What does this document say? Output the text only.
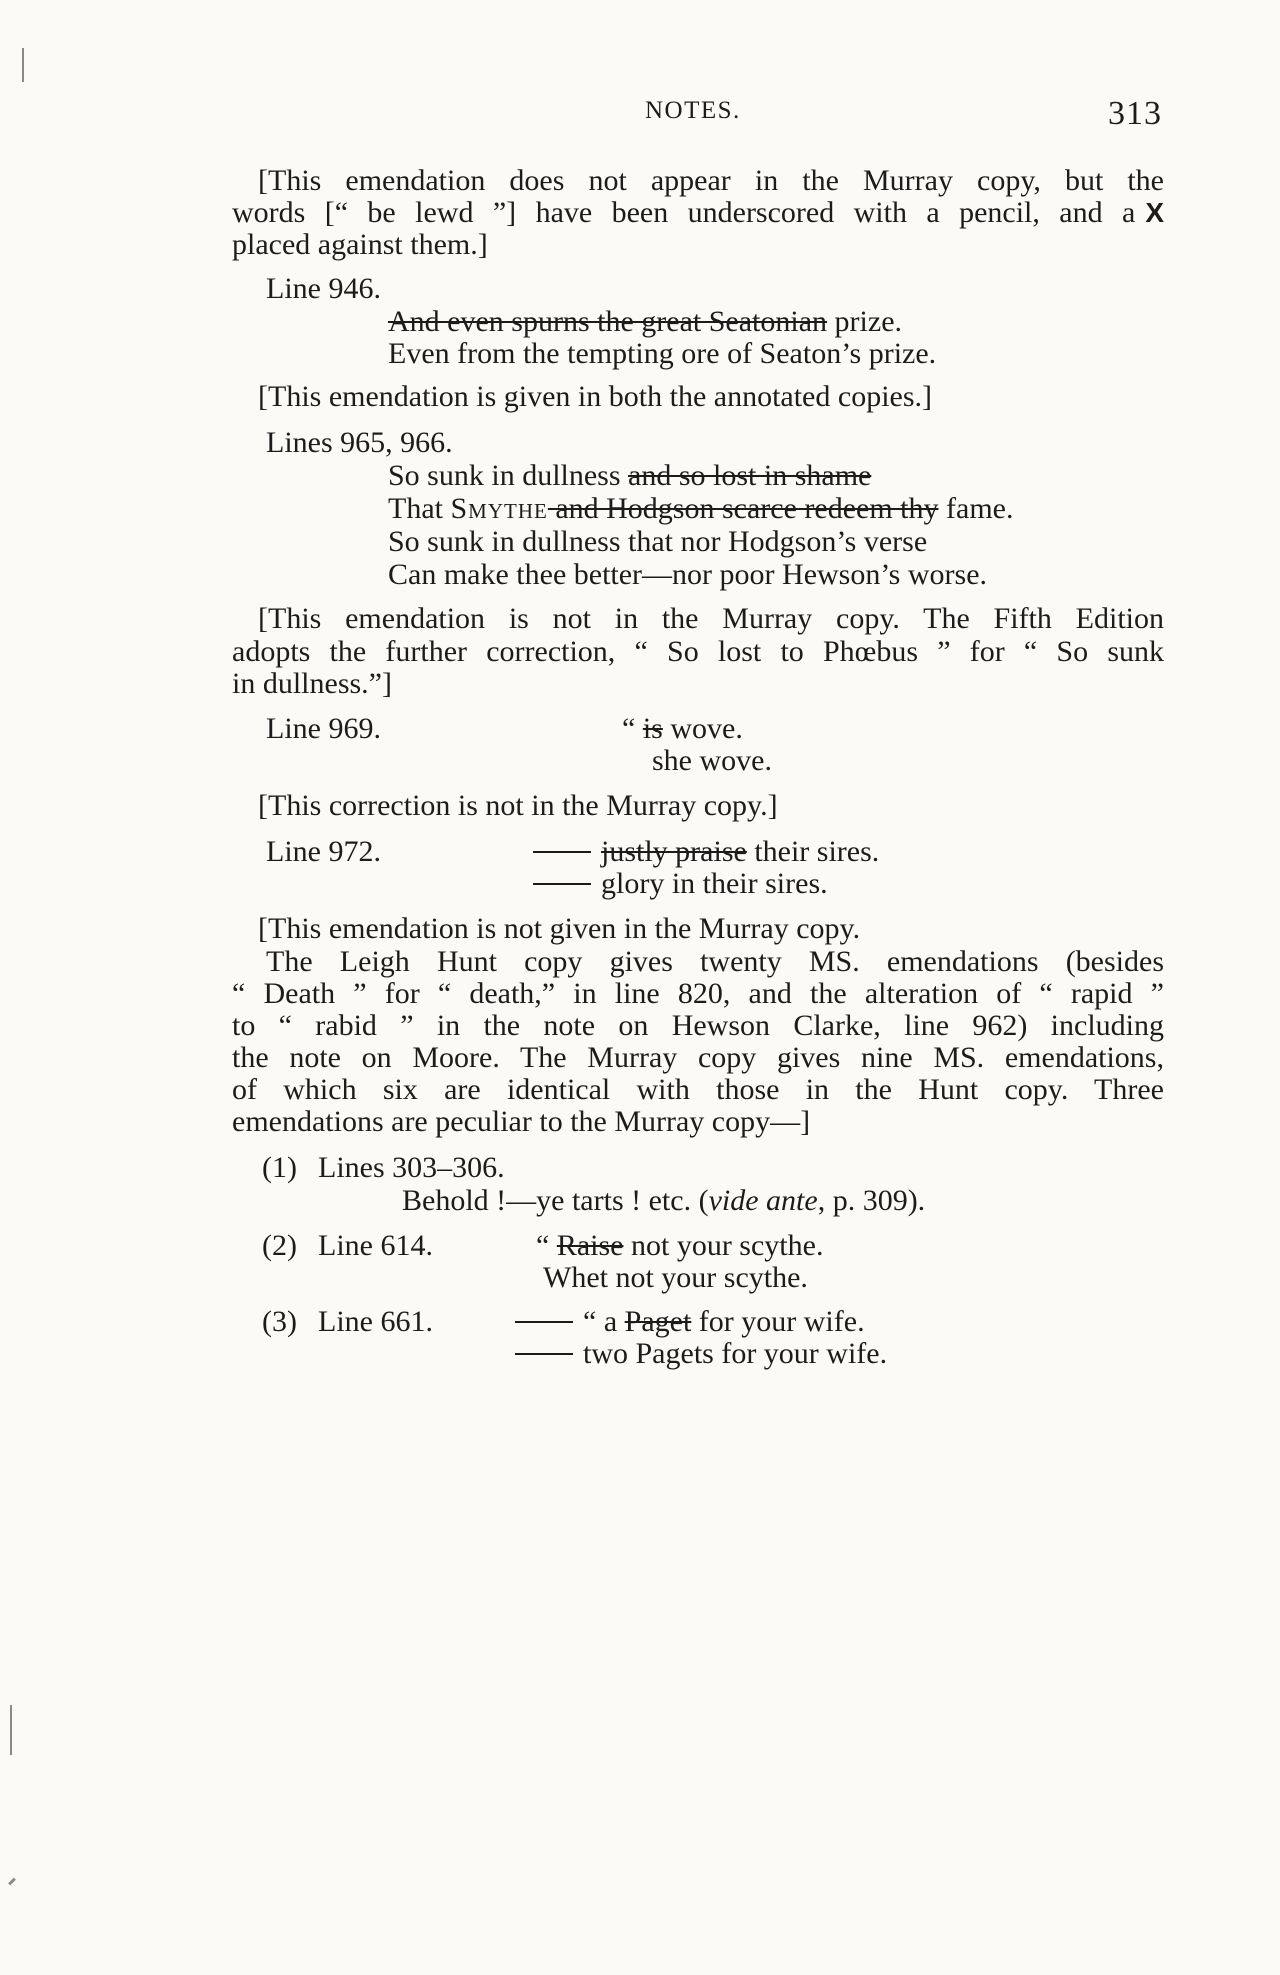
NOTES.	313
[This emendation does not appear in the Murray copy, but the
words [“ be lewd ”] have been underscored with a pencil, and a X
placed against them.]
Line 946.
And even spurns the great Seatonian prize.
Even from the tempting ore of Seaton’s prize.
[This emendation is given in both the annotated copies.]
Lines 965, 966.
So sunk in dullness and so lost in shame
That Smythe and Hodgson scarce redeem thy fame.
So sunk in dullness that nor Hodgson’s verse
Can make thee better—nor poor Hewson’s worse.
[This emendation is not in the Murray copy. The Fifth Edition
adopts the further correction, “ So lost to Phœbus ” for “ So sunk
in dullness.”]
Line 969.	“ is wove.
she wove.
[This correction is not in the Murray copy.]
Line 972.	justly praise their sires.
glory in their sires.
[This emendation is not given in the Murray copy.
The Leigh Hunt copy gives twenty MS. emendations (besides
“ Death ” for “ death,” in line 820, and the alteration of “ rapid ”
to “ rabid ” in the note on Hewson Clarke, line 962) including
the note on Moore. The Murray copy gives nine MS. emendations,
of which six are identical with those in the Hunt copy. Three
emendations are peculiar to the Murray copy—]
(1) Lines 303–306.
Behold !—ye tarts ! etc. (vide ante, p. 309).
(2) Line 614.	“ Raise not your scythe.
Whet not your scythe.
(3) Line 661.	“ a Paget for your wife.
two Pagets for your wife.
